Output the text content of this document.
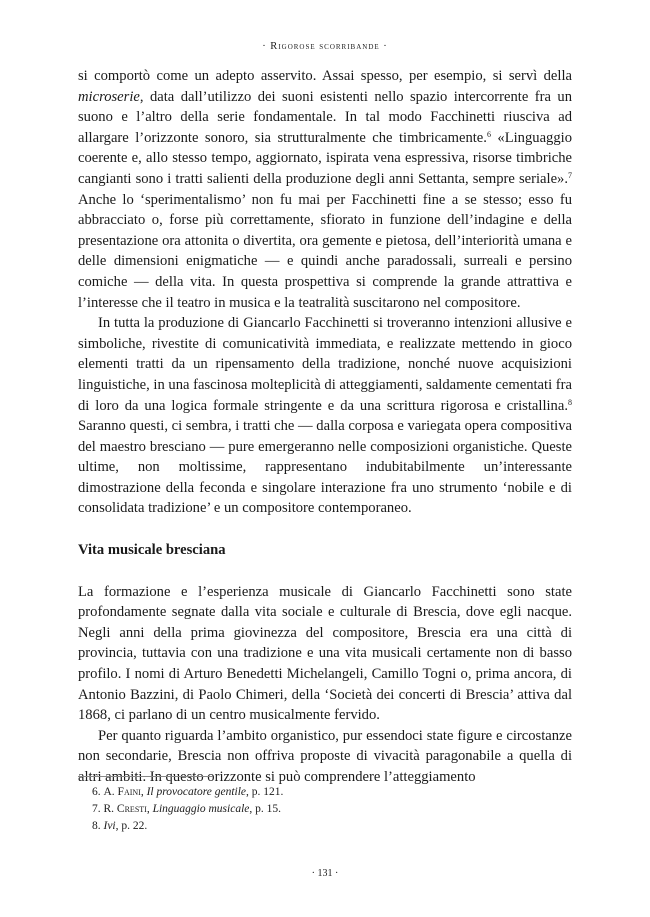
· Rigorose scorribande ·

si comportò come un adepto asservito. Assai spesso, per esempio, si servì della microserie, data dall’utilizzo dei suoni esistenti nello spazio intercorrente fra un suono e l’altro della serie fondamentale. In tal modo Facchinetti riusciva ad allargare l’orizzonte sonoro, sia strutturalmente che timbricamente.$^6$ «Linguaggio coerente e, allo stesso tempo, aggiornato, ispirata vena espressiva, risorse timbriche cangianti sono i tratti salienti della produzione degli anni Settanta, sempre seriale».$^7$ Anche lo ‘sperimentalismo’ non fu mai per Facchinetti fine a se stesso; esso fu abbracciato o, forse più correttamente, sfiorato in funzione dell’indagine e della presentazione ora attonita o divertita, ora gemente e pietosa, dell’interiorità umana e delle dimensioni enigmatiche — e quindi anche paradossali, surreali e persino comiche — della vita. In questa prospettiva si comprende la grande attrattiva e l’interesse che il teatro in musica e la teatralità suscitarono nel compositore.

In tutta la produzione di Giancarlo Facchinetti si troveranno intenzioni allusive e simboliche, rivestite di comunicatività immediata, e realizzate mettendo in gioco elementi tratti da un ripensamento della tradizione, nonché nuove acquisizioni linguistiche, in una fascinosa molteplicità di atteggiamenti, saldamente cementati fra di loro da una logica formale stringente e da una scrittura rigorosa e cristallina.$^8$ Saranno questi, ci sembra, i tratti che — dalla corposa e variegata opera compositiva del maestro bresciano — pure emergeranno nelle composizioni organistiche. Queste ultime, non moltissime, rappresentano indubitabilmente un’interessante dimostrazione della feconda e singolare interazione fra uno strumento ‘nobile e di consolidata tradizione’ e un compositore contemporaneo.

Vita musicale bresciana

La formazione e l’esperienza musicale di Giancarlo Facchinetti sono state profondamente segnate dalla vita sociale e culturale di Brescia, dove egli nacque. Negli anni della prima giovinezza del compositore, Brescia era una città di provincia, tuttavia con una tradizione e una vita musicali certamente non di basso profilo. I nomi di Arturo Benedetti Michelangeli, Camillo Togni o, prima ancora, di Antonio Bazzini, di Paolo Chimeri, della ‘Società dei concerti di Brescia’ attiva dal 1868, ci parlano di un centro musicalmente fervido.

Per quanto riguarda l’ambito organistico, pur essendoci state figure e circostanze non secondarie, Brescia non offriva proposte di vivacità paragonabile a quella di altri ambiti. In questo orizzonte si può comprendere l’atteggiamento

6. A. Faini, Il provocatore gentile, p. 121.
7. R. Cresti, Linguaggio musicale, p. 15.
8. Ivi, p. 22.
· 131 ·
